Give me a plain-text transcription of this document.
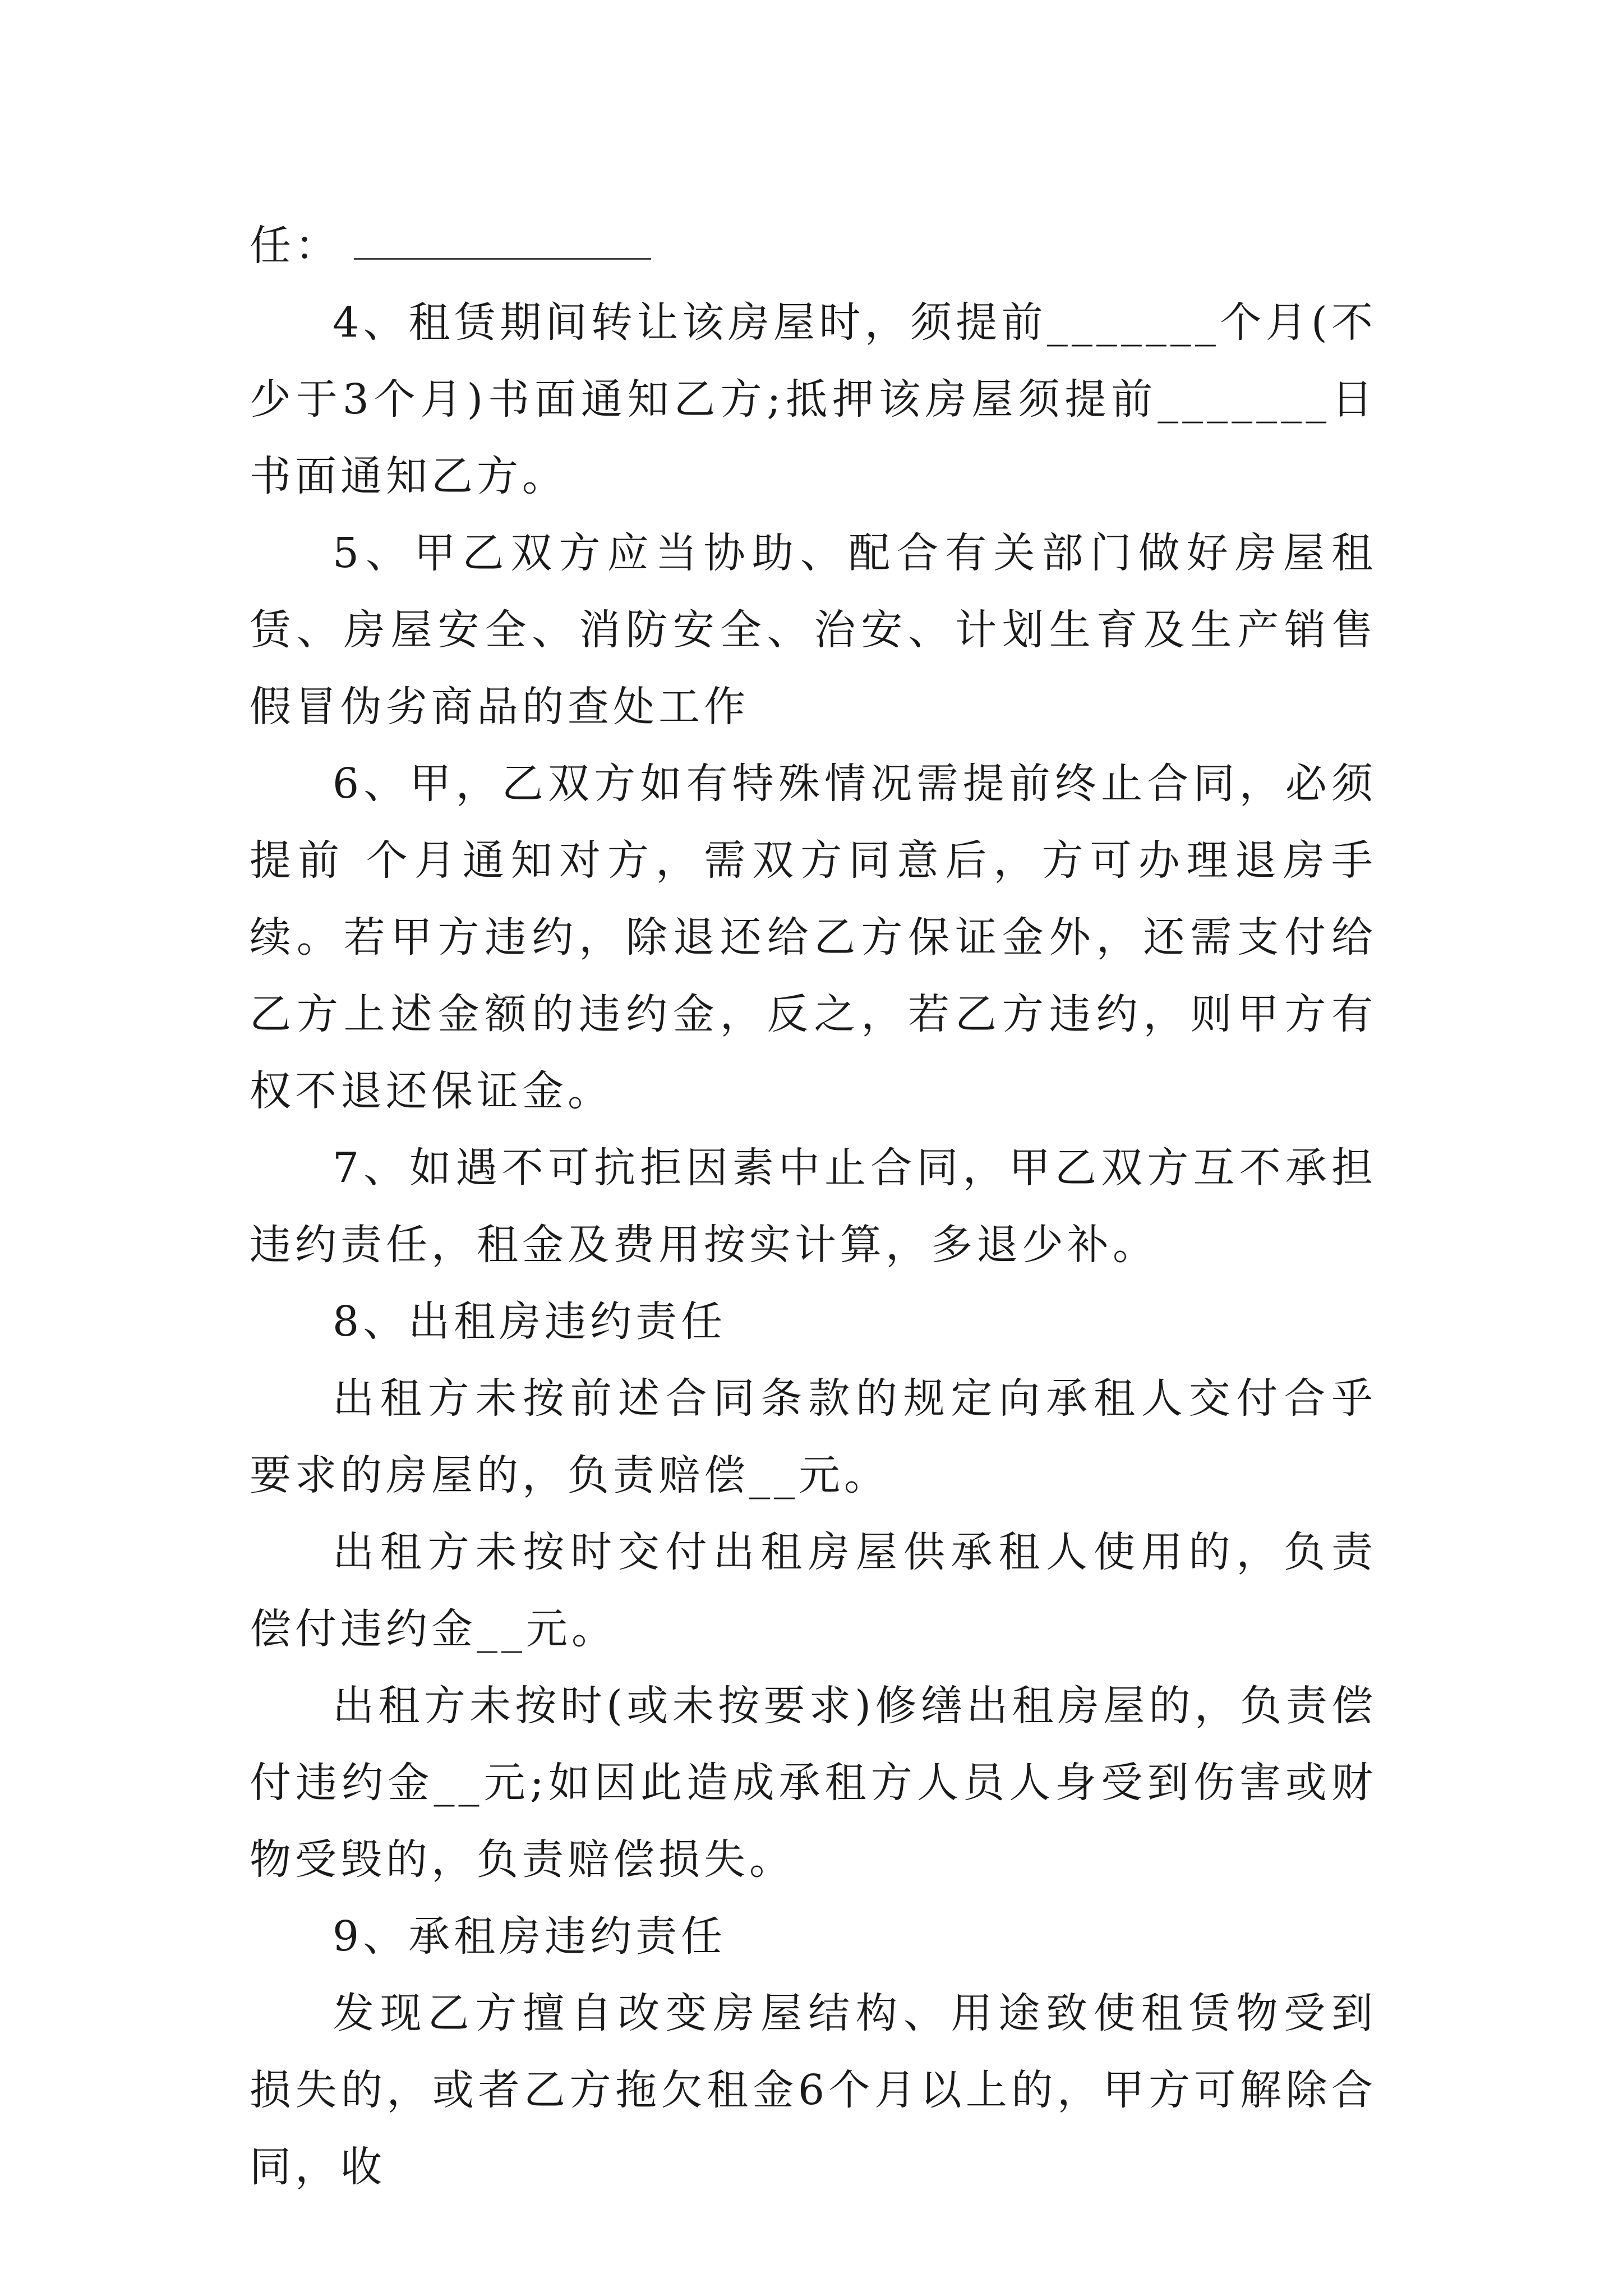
任：

4、租赁期间转让该房屋时，须提前_______个月(不少于3个月)书面通知乙方;抵押该房屋须提前_______日书面通知乙方。

5、甲乙双方应当协助、配合有关部门做好房屋租赁、房屋安全、消防安全、治安、计划生育及生产销售假冒伪劣商品的查处工作

6、甲，乙双方如有特殊情况需提前终止合同，必须提前 个月通知对方，需双方同意后，方可办理退房手续。若甲方违约，除退还给乙方保证金外，还需支付给乙方上述金额的违约金，反之，若乙方违约，则甲方有权不退还保证金。

7、如遇不可抗拒因素中止合同，甲乙双方互不承担违约责任，租金及费用按实计算，多退少补。

8、出租房违约责任

出租方未按前述合同条款的规定向承租人交付合乎要求的房屋的，负责赔偿__元。

出租方未按时交付出租房屋供承租人使用的，负责偿付违约金__元。

出租方未按时(或未按要求)修缮出租房屋的，负责偿付违约金__元;如因此造成承租方人员人身受到伤害或财物受毁的，负责赔偿损失。

9、承租房违约责任

发现乙方擅自改变房屋结构、用途致使租赁物受到损失的，或者乙方拖欠租金6个月以上的，甲方可解除合同，收
